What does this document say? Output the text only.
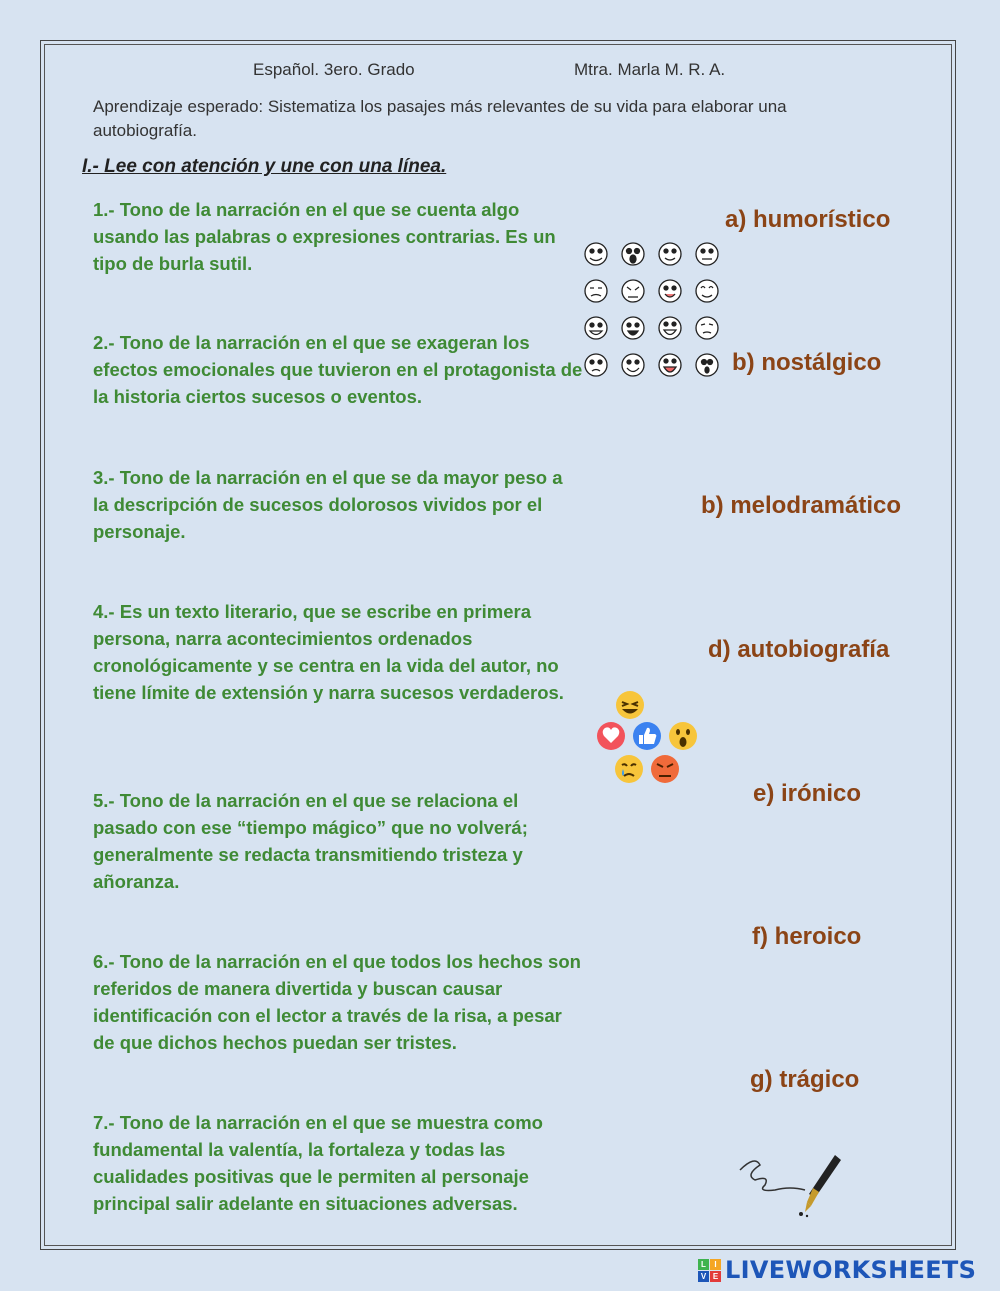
Español. 3ero. Grado	Mtra. Marla M. R. A.
Aprendizaje esperado: Sistematiza los pasajes más relevantes de su vida para elaborar una autobiografía.
I.- Lee con atención y une con una línea.
1.- Tono de la narración en el que se cuenta algo usando las palabras o expresiones contrarias. Es un tipo de burla sutil.
2.- Tono de la narración en el que se exageran los efectos emocionales que tuvieron en el protagonista de la historia ciertos sucesos o eventos.
3.- Tono de la narración en el que se da mayor peso a la descripción de sucesos dolorosos vividos por el personaje.
4.- Es un texto literario, que se escribe en primera persona, narra acontecimientos ordenados cronológicamente y se centra en la vida del autor, no tiene límite de extensión y narra sucesos verdaderos.
5.- Tono de la narración en el que se relaciona el pasado con ese “tiempo mágico” que no volverá; generalmente se redacta transmitiendo tristeza y añoranza.
6.- Tono de la narración en el que todos los hechos son referidos de manera divertida y buscan causar identificación con el lector a través de la risa, a pesar de que dichos hechos puedan ser tristes.
7.- Tono de la narración en el que se muestra como fundamental la valentía, la fortaleza y todas las cualidades positivas que le permiten al personaje principal salir adelante en situaciones adversas.
a) humorístico
b) nostálgico
b) melodramático
d) autobiografía
e) irónico
f) heroico
g) trágico
L	I
V E LIVEWORKSHEETS
